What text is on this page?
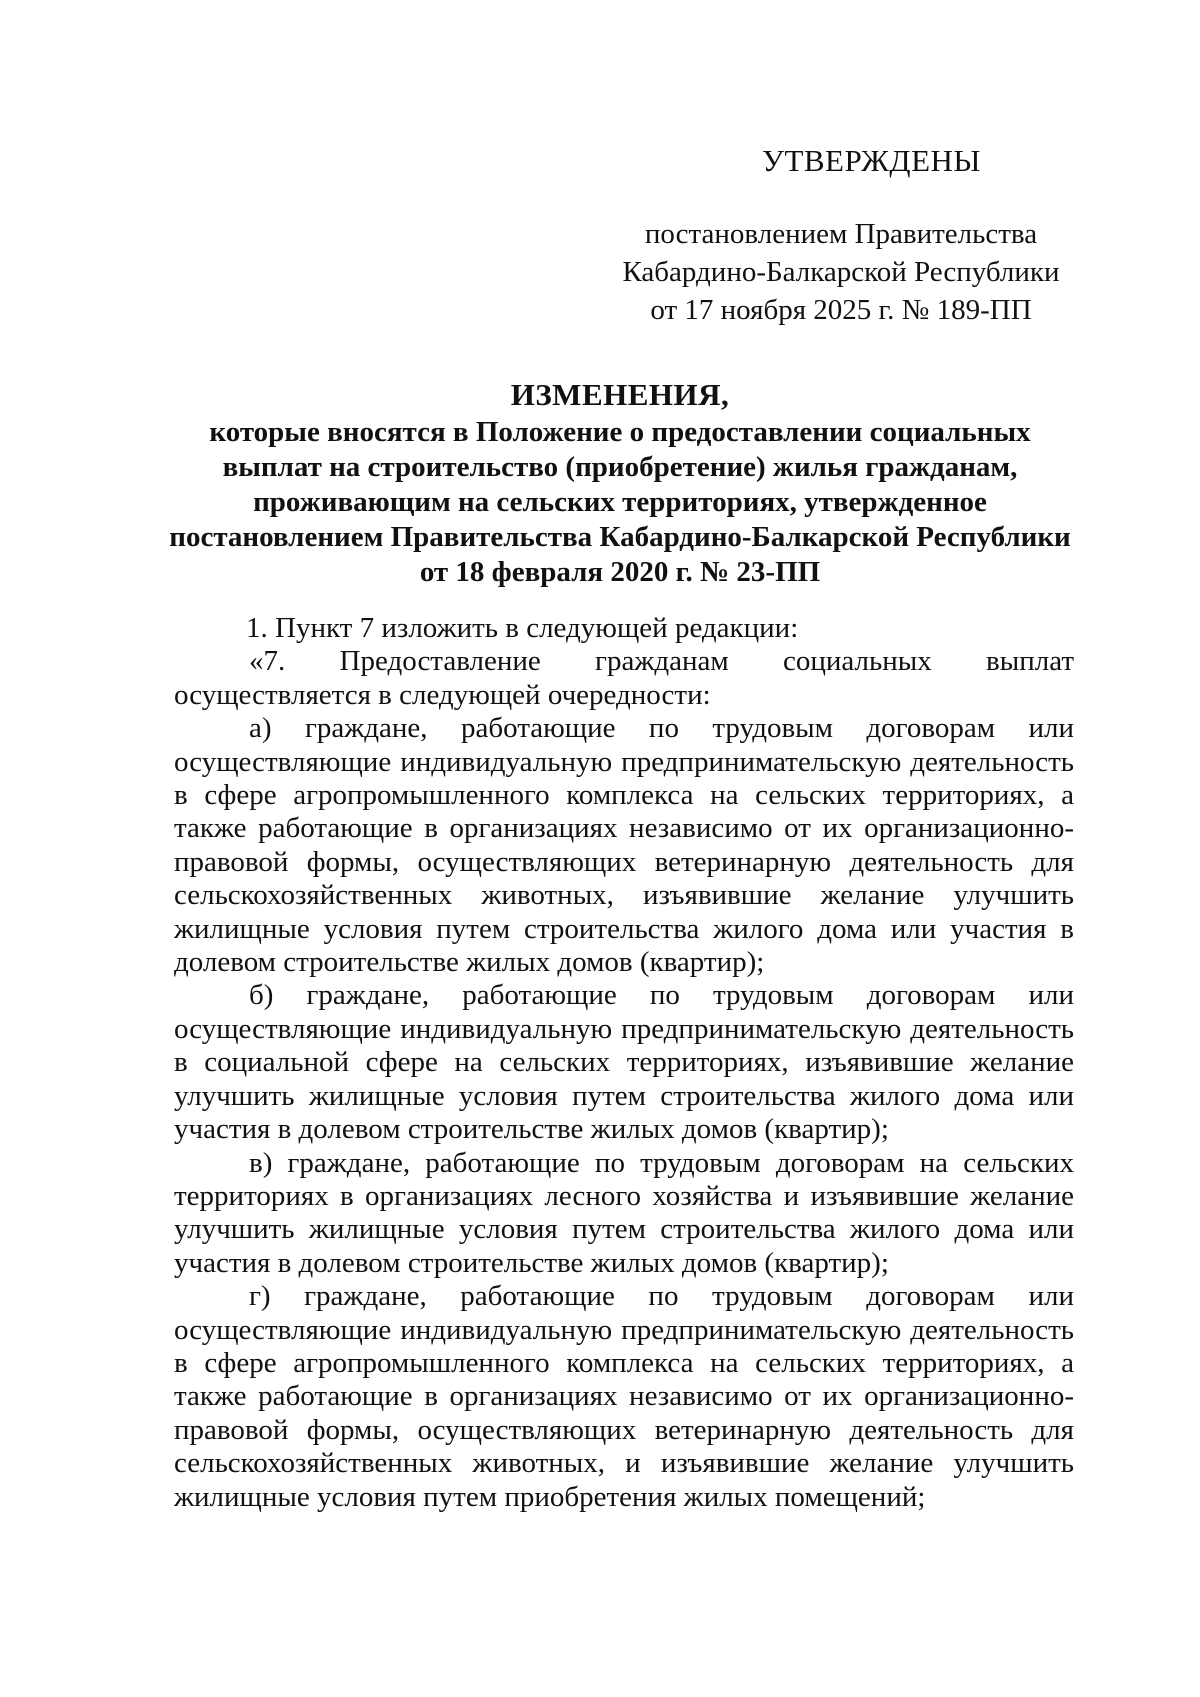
УТВЕРЖДЕНЫ
постановлением Правительства
Кабардино-Балкарской Республики
от 17 ноября 2025 г. № 189-ПП
ИЗМЕНЕНИЯ,
которые вносятся в Положение о предоставлении социальных
выплат на строительство (приобретение) жилья гражданам,
проживающим на сельских территориях, утвержденное
постановлением Правительства Кабардино-Балкарской Республики
от 18 февраля 2020 г. № 23-ПП

1. Пункт 7 изложить в следующей редакции:

«7. Предоставление гражданам социальных выплат осуществляется в следующей очередности:

а) граждане, работающие по трудовым договорам или осуществляющие индивидуальную предпринимательскую деятельность в сфере агропромышленного комплекса на сельских территориях, а также работающие в организациях независимо от их организационно-правовой формы, осуществляющих ветеринарную деятельность для сельскохозяйственных животных, изъявившие желание улучшить жилищные условия путем строительства жилого дома или участия в долевом строительстве жилых домов (квартир);

б) граждане, работающие по трудовым договорам или осуществляющие индивидуальную предпринимательскую деятельность в социальной сфере на сельских территориях, изъявившие желание улучшить жилищные условия путем строительства жилого дома или участия в долевом строительстве жилых домов (квартир);

в) граждане, работающие по трудовым договорам на сельских территориях в организациях лесного хозяйства и изъявившие желание улучшить жилищные условия путем строительства жилого дома или участия в долевом строительстве жилых домов (квартир);

г) граждане, работающие по трудовым договорам или осуществляющие индивидуальную предпринимательскую деятельность в сфере агропромышленного комплекса на сельских территориях, а также работающие в организациях независимо от их организационно-правовой формы, осуществляющих ветеринарную деятельность для сельскохозяйственных животных, и изъявившие желание улучшить жилищные условия путем приобретения жилых помещений;
